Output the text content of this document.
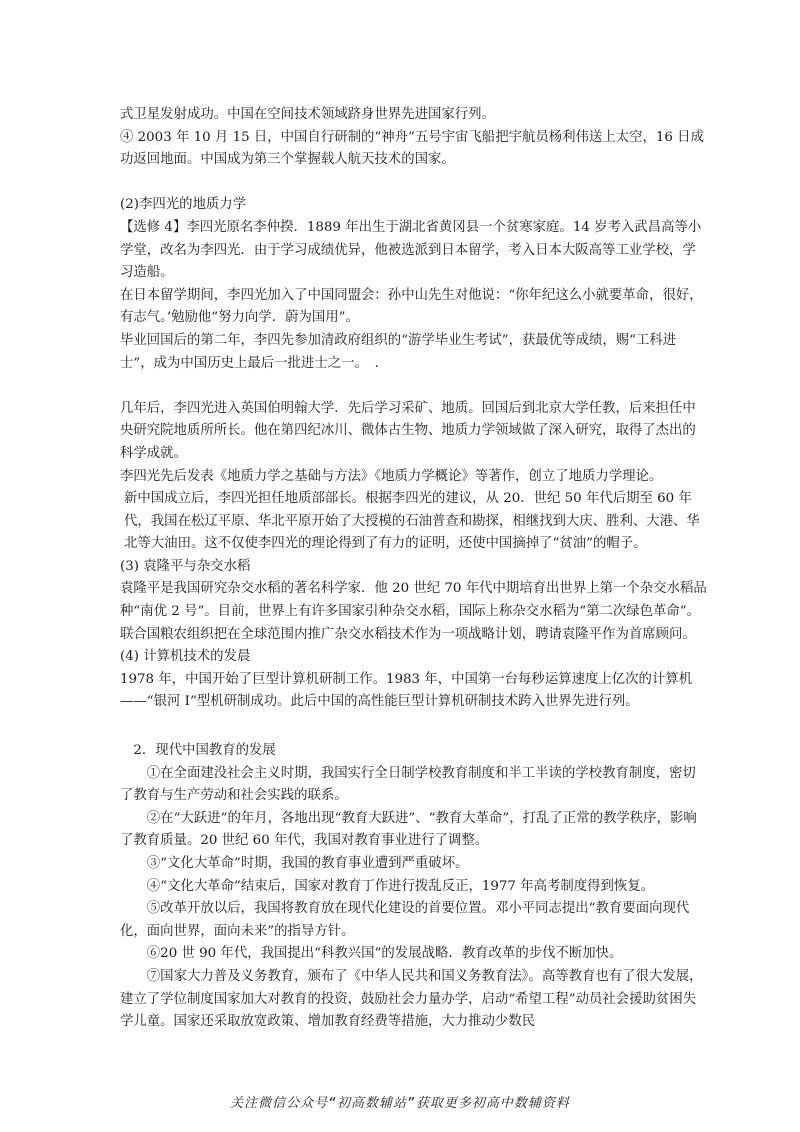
式卫星发射成功。中国在空间技术领域跻身世界先进国家行列。

④ 2003 年 10 月 15 日，中国自行研制的“神舟”五号宇宙飞船把宇航员杨利伟送上太空，16 日成功返回地面。中国成为第三个掌握载人航天技术的国家。

(2)李四光的地质力学

【选修 4】李四光原名李仲揆．1889 年出生于湖北省黄冈县一个贫寒家庭。14 岁考入武昌高等小学堂，改名为李四光．由于学习成绩优异，他被选派到日本留学，考入日本大阪高等工业学校，学习造船。

在日本留学期间，李四光加入了中国同盟会：孙中山先生对他说：“你年纪这么小就要革命，很好，有志气。’勉励他“努力向学．蔚为国用”。

毕业回国后的第二年，李四先参加清政府组织的“游学毕业生考试”，获最优等成绩，赐“工科进士”，成为中国历史上最后一批进士之一。　．

几年后，李四光进入英国伯明翰大学．先后学习采矿、地质。回国后到北京大学任教，后来担任中央研究院地质所所长。他在第四纪冰川、微体古生物、地质力学领域做了深入研究，取得了杰出的科学成就。

李四光先后发表《地质力学之基础与方法》《地质力学概论》等著作，创立了地质力学理论。

新中国成立后，李四光担任地质部部长。根据李四光的建议，从 20．世纪 50 年代后期至 60 年代，我国在松辽平原、华北平原开始了大授模的石油普查和勘探，相继找到大庆、胜利、大港、华北等大油田。这不仅使李四光的理论得到了有力的证明，还使中国摘掉了“贫油”的帽子。

(3) 袁隆平与杂交水稻

袁隆平是我国研究杂交水稻的著名科学家．他 20 世纪 70 年代中期培育出世界上第一个杂交水稻品种“南优 2 号”。目前，世界上有许多国家引种杂交水稻，国际上称杂交水稻为“第二次绿色革命”。联合国粮农组织把在全球范围内推广杂交水稻技术作为一项战略计划，聘请袁隆平作为首席顾问。

(4) 计算机技术的发晨

1978 年，中国开始了巨型计算机研制工作。1983 年，中国第一台每秒运算速度上亿次的计算机——“银河 I”型机研制成功。此后中国的高性能巨型计算机研制技术跨入世界先进行列。

2．现代中国教育的发展

①在全面建没社会主义时期，我国实行全日制学校教育制度和半工半读的学校教育制度，密切了教育与生产劳动和社会实践的联系。

②在“大跃进”的年月，各地出现“教育大跃进”、“教育大革命”，打乱了正常的教学秩序，影响了教育质量。20 世纪 60 年代，我国对教育事业进行了调整。

③“文化大革命”时期，我国的教育事业遭到严重破坏。

④“文化大革命”结束后，国家对教育丁作进行拨乱反正，1977 年高考制度得到恢复。

⑤改革开放以后，我国将教育放在现代化建设的首要位置。邓小平同志提出“教育要面向现代化，面向世界，面向未来”的指导方针。

⑥20 世 90 年代，我国提出“科教兴国”的发展战略．教育改革的步伐不断加快。

⑦国家大力普及义务教育，颁布了《中华人民共和国义务教育法》。高等教育也有了很大发展，建立了学位制度国家加大对教育的投资，鼓励社会力量办学，启动“希望工程”动员社会援助贫困失学儿童。国家还采取放宽政策、增加教育经费等措施，大力推动少数民

关注微信公众号“初高数辅站”获取更多初高中数辅资料
